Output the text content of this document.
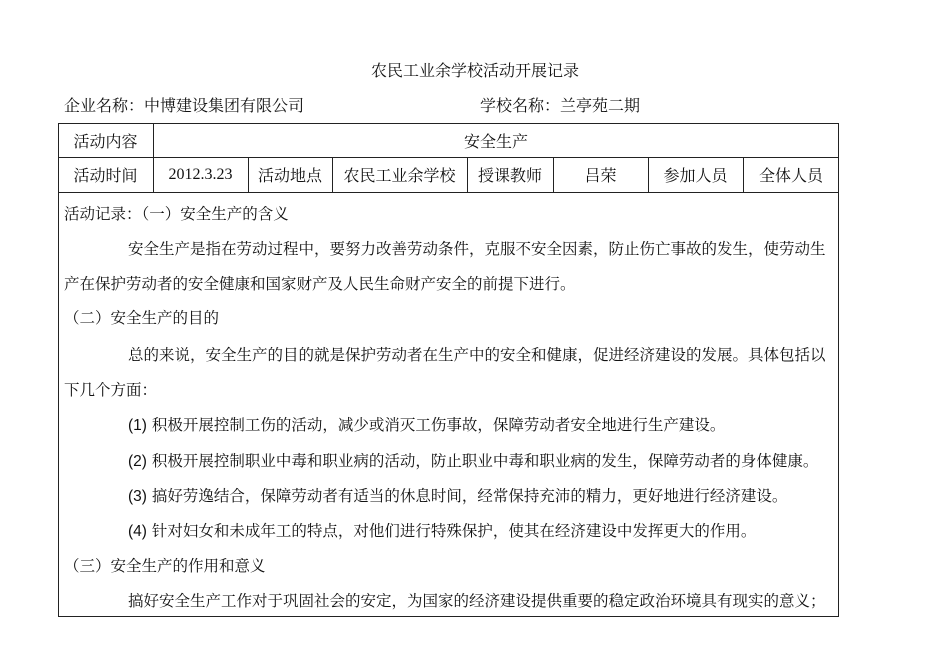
农民工业余学校活动开展记录
企业名称：中博建设集团有限公司	学校名称：兰亭苑二期
活动内容	安全生产
活动时间	2012.3.23	活动地点	农民工业余学校	授课教师	吕荣	参加人员	全体人员
活动记录：（一）安全生产的含义
安全生产是指在劳动过程中，要努力改善劳动条件，克服不安全因素，防止伤亡事故的发生，使劳动生
产在保护劳动者的安全健康和国家财产及人民生命财产安全的前提下进行。
（二）安全生产的目的
总的来说，安全生产的目的就是保护劳动者在生产中的安全和健康，促进经济建设的发展。具体包括以
下几个方面：
(1) 积极开展控制工伤的活动，减少或消灭工伤事故，保障劳动者安全地进行生产建设。
(2) 积极开展控制职业中毒和职业病的活动，防止职业中毒和职业病的发生，保障劳动者的身体健康。
(3) 搞好劳逸结合，保障劳动者有适当的休息时间，经常保持充沛的精力，更好地进行经济建设。
(4) 针对妇女和未成年工的特点，对他们进行特殊保护，使其在经济建设中发挥更大的作用。
（三）安全生产的作用和意义
搞好安全生产工作对于巩固社会的安定，为国家的经济建设提供重要的稳定政治环境具有现实的意义；
